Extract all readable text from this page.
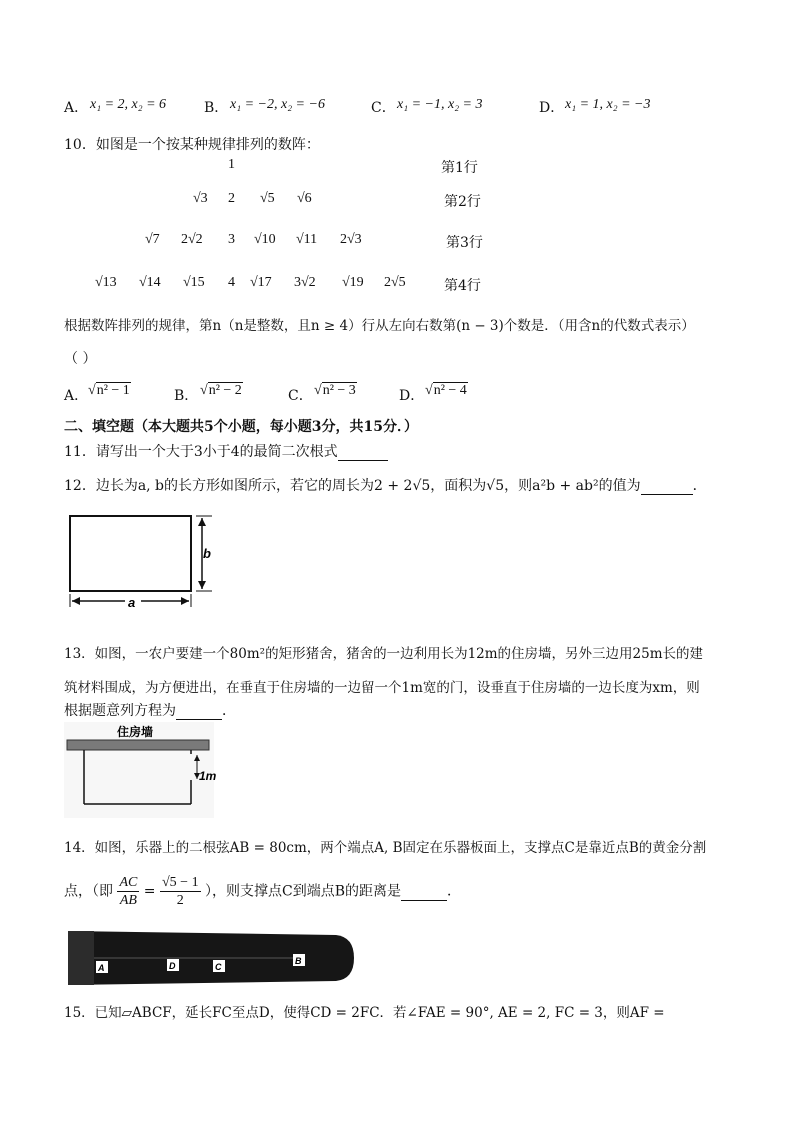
A． x₁ = 2, x₂ = 6	B． x₁ = −2, x₂ = −6	C． x₁ = −1, x₂ = 3	D． x₁ = 1, x₂ = −3
10．如图是一个按某种规律排列的数阵：
1	第1行
√3 2 √5 √6	第2行
√7 2√2 3 √10 √11 2√3	第3行
√13 √14 √15 4 √17 3√2 √19 2√5	第4行
根据数阵排列的规律，第n（n是整数，且n ≥ 4）行从左向右数第(n − 3)个数是．（用含n的代数式表示）
（ ）
A． √n² − 1	B． √n² − 2	C． √n² − 3	D． √n² − 4
二、填空题（本大题共5个小题，每小题3分，共15分．）
11．请写出一个大于3小于4的最简二次根式
12．边长为a, b的长方形如图所示，若它的周长为2 + 2√5，面积为√5，则a²b + ab²的值为	．
b
a
13．如图，一农户要建一个80m²的矩形猪舍，猪舍的一边利用长为12m的住房墙，另外三边用25m长的建
筑材料围成，为方便进出，在垂直于住房墙的一边留一个1m宽的门，设垂直于住房墙的一边长度为xm，则
根据题意列方程为	．
住房墙
1m
14．如图，乐器上的二根弦AB = 80cm，两个端点A, B固定在乐器板面上，支撑点C是靠近点B的黄金分割
点，（即 $\frac{AC}{AB} = \frac{√5 - 1}{2}$ ），则支撑点C到端点B的距离是	．
A	D	C
B
15．已知▱ABCF，延长FC至点D，使得CD = 2FC．若∠FAE = 90°, AE = 2, FC = 3，则AF =
